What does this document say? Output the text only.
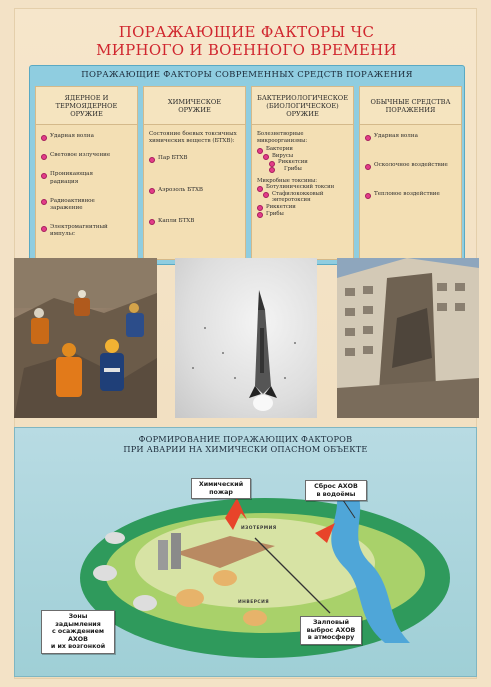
ПОРАЖАЮЩИЕ ФАКТОРЫ ЧС
МИРНОГО И ВОЕННОГО ВРЕМЕНИ
ПОРАЖАЮЩИЕ ФАКТОРЫ СОВРЕМЕННЫХ СРЕДСТВ ПОРАЖЕНИЯ
ЯДЕРНОЕ И
ТЕРМОЯДЕРНОЕ
ОРУЖИЕ
Ударная волна
Световое излучение
Проникающая радиация
Радиоактивное заражение
Электромагнитный импульс
ХИМИЧЕСКОЕ
ОРУЖИЕ
Состояние боевых токсичных химических веществ (БТХВ):
Пар БТХВ
Аэрозоль БТХВ
Капли БТХВ
БАКТЕРИОЛОГИЧЕСКОЕ
(БИОЛОГИЧЕСКОЕ)
ОРУЖИЕ
Болезнетворные микроорганизмы:
Бактерии
Вирусы
Риккетсии
Грибы
Микробные токсины:
Ботулинический токсин
Стафилококковый энтеротоксин
Риккетсии
Грибы
ОБЫЧНЫЕ СРЕДСТВА
ПОРАЖЕНИЯ
Ударная волна
Осколочное воздействие
Тепловое воздействие
ФОРМИРОВАНИЕ ПОРАЖАЮЩИХ ФАКТОРОВ
ПРИ АВАРИИ НА ХИМИЧЕСКИ ОПАСНОМ ОБЪЕКТЕ
ИЗОТЕРМИЯ
ИНВЕРСИЯ
Химический
пожар
Сброс АХОВ
в водоёмы
Зоны задымления
с осаждением АХОВ
и их возгонкой
Залповый
выброс АХОВ
в атмосферу
